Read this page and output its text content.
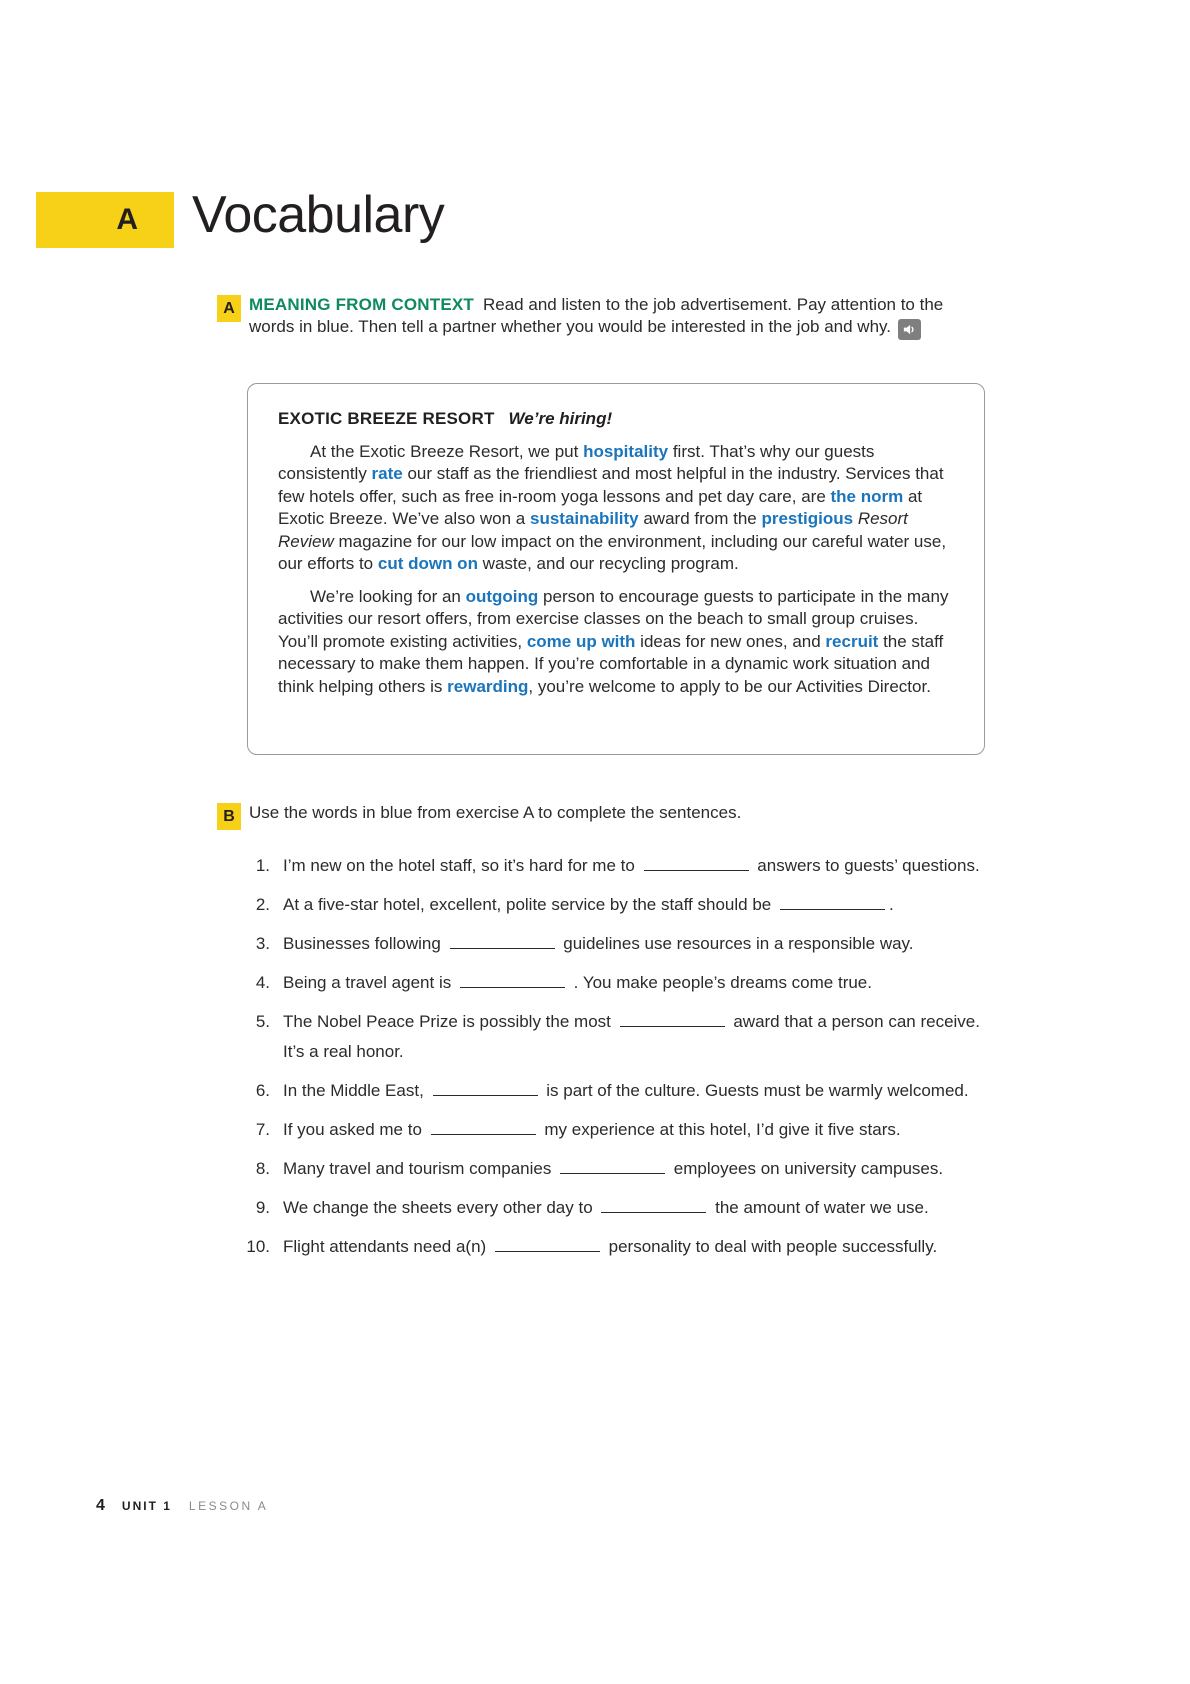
A Vocabulary
A MEANING FROM CONTEXT Read and listen to the job advertisement. Pay attention to the words in blue. Then tell a partner whether you would be interested in the job and why.

EXOTIC BREEZE RESORT We’re hiring!

At the Exotic Breeze Resort, we put hospitality first. That’s why our guests consistently rate our staff as the friendliest and most helpful in the industry. Services that few hotels offer, such as free in-room yoga lessons and pet day care, are the norm at Exotic Breeze. We’ve also won a sustainability award from the prestigious Resort Review magazine for our low impact on the environment, including our careful water use, our efforts to cut down on waste, and our recycling program.

We’re looking for an outgoing person to encourage guests to participate in the many activities our resort offers, from exercise classes on the beach to small group cruises. You’ll promote existing activities, come up with ideas for new ones, and recruit the staff necessary to make them happen. If you’re comfortable in a dynamic work situation and think helping others is rewarding, you’re welcome to apply to be our Activities Director.

B Use the words in blue from exercise A to complete the sentences.
1. I’m new on the hotel staff, so it’s hard for me to	answers to guests’ questions.
2. At a five-star hotel, excellent, polite service by the staff should be	.
3. Businesses following	guidelines use resources in a responsible way.
4. Being a travel agent is	. You make people’s dreams come true.
5. The Nobel Peace Prize is possibly the most	award that a person can receive. It’s a real honor.
6. In the Middle East,	is part of the culture. Guests must be warmly welcomed.
7. If you asked me to	my experience at this hotel, I’d give it five stars.
8. Many travel and tourism companies	employees on university campuses.
9. We change the sheets every other day to	the amount of water we use.
10. Flight attendants need a(n)	personality to deal with people successfully.
4 UNIT 1 LESSON A
